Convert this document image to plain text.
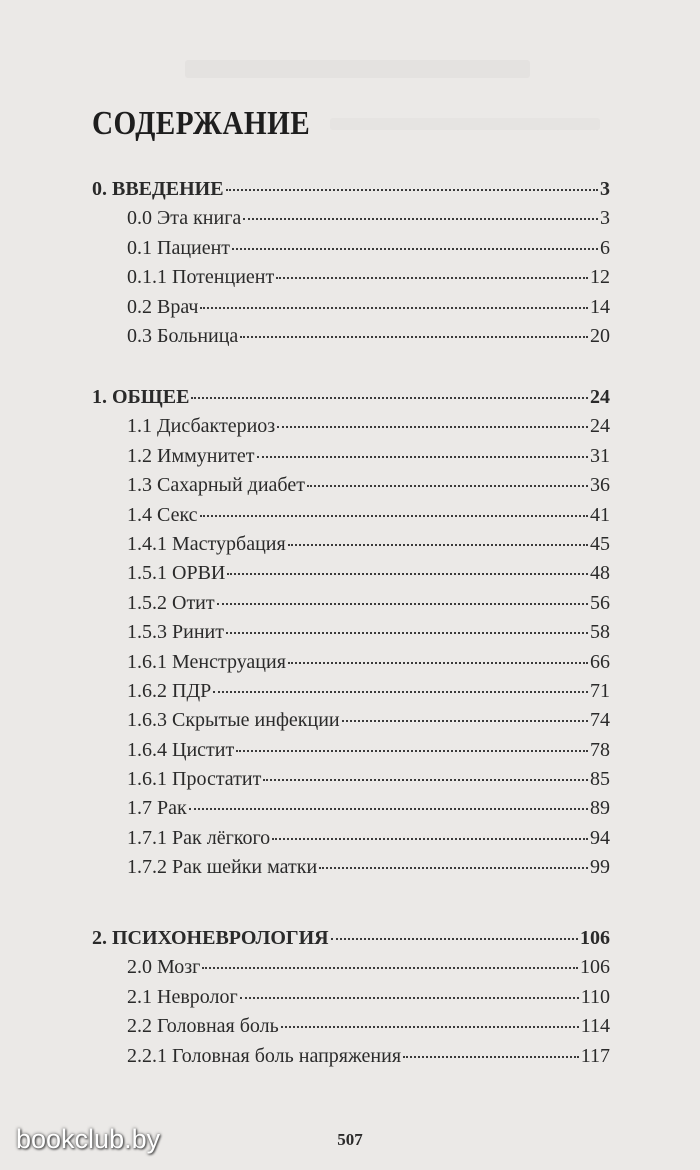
СОДЕРЖАНИЕ
0. ВВЕДЕНИЕ	3
0.0 Эта книга	3
0.1 Пациент	6
0.1.1 Потенциент	12
0.2 Врач	14
0.3 Больница	20
1. ОБЩЕЕ	24
1.1 Дисбактериоз	24
1.2 Иммунитет	31
1.3 Сахарный диабет	36
1.4 Секс	41
1.4.1 Мастурбация	45
1.5.1 ОРВИ	48
1.5.2 Отит	56
1.5.3 Ринит	58
1.6.1 Менструация	66
1.6.2 ПДР	71
1.6.3 Скрытые инфекции	74
1.6.4 Цистит	78
1.6.1 Простатит	85
1.7 Рак	89
1.7.1 Рак лёгкого	94
1.7.2 Рак шейки матки	99
2. ПСИХОНЕВРОЛОГИЯ	106
2.0 Мозг	106
2.1 Невролог	110
2.2 Головная боль	114
2.2.1 Головная боль напряжения	117
507
bookclub.by
